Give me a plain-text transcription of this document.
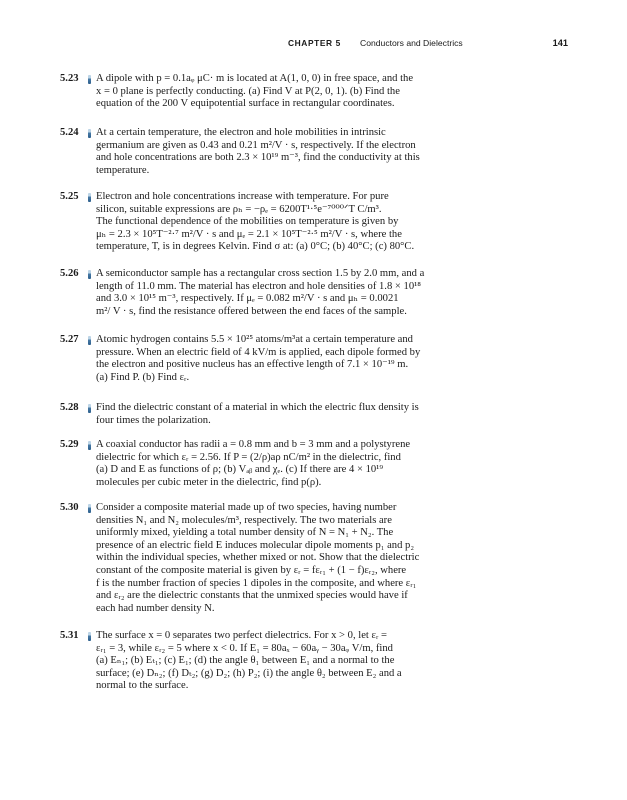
CHAPTER 5 Conductors and Dielectrics	141
5.23 A dipole with p = 0.1aᵩ μC· m is located at A(1, 0, 0) in free space, and the

x = 0 plane is perfectly conducting. (a) Find V at P(2, 0, 1). (b) Find the

equation of the 200 V equipotential surface in rectangular coordinates.

5.24 At a certain temperature, the electron and hole mobilities in intrinsic

germanium are given as 0.43 and 0.21 m²/V · s, respectively. If the electron

and hole concentrations are both 2.3 × 10¹⁹ m⁻³, find the conductivity at this

temperature.

5.25 Electron and hole concentrations increase with temperature. For pure

silicon, suitable expressions are ρₕ = −ρₑ = 6200T¹·⁵e⁻⁷⁰⁰⁰ᐟT C/m³.

The functional dependence of the mobilities on temperature is given by

μₕ = 2.3 × 10⁵T⁻²·⁷ m²/V · s and μₑ = 2.1 × 10⁵T⁻²·⁵ m²/V · s, where the

temperature, T, is in degrees Kelvin. Find σ at: (a) 0°C; (b) 40°C; (c) 80°C.

5.26 A semiconductor sample has a rectangular cross section 1.5 by 2.0 mm, and a

length of 11.0 mm. The material has electron and hole densities of 1.8 × 10¹⁸

and 3.0 × 10¹⁵ m⁻³, respectively. If μₑ = 0.082 m²/V · s and μₕ = 0.0021

m²/ V · s, find the resistance offered between the end faces of the sample.

5.27 Atomic hydrogen contains 5.5 × 10²⁵ atoms/m³at a certain temperature and

pressure. When an electric field of 4 kV/m is applied, each dipole formed by

the electron and positive nucleus has an effective length of 7.1 × 10⁻¹⁹ m.

(a) Find P. (b) Find εᵣ.

5.28 Find the dielectric constant of a material in which the electric flux density is

four times the polarization.

5.29 A coaxial conductor has radii a = 0.8 mm and b = 3 mm and a polystyrene

dielectric for which εᵣ = 2.56. If P = (2/ρ)aρ nC/m² in the dielectric, find

(a) D and E as functions of ρ; (b) Vₐᵦ and χₑ. (c) If there are 4 × 10¹⁹

molecules per cubic meter in the dielectric, find p(ρ).

5.30 Consider a composite material made up of two species, having number

densities N₁ and N₂ molecules/m³, respectively. The two materials are

uniformly mixed, yielding a total number density of N = N₁ + N₂. The

presence of an electric field E induces molecular dipole moments p₁ and p₂

within the individual species, whether mixed or not. Show that the dielectric

constant of the composite material is given by εᵣ = fεᵣ₁ + (1 − f)εᵣ₂, where

f is the number fraction of species 1 dipoles in the composite, and where εᵣ₁

and εᵣ₂ are the dielectric constants that the unmixed species would have if

each had number density N.

5.31 The surface x = 0 separates two perfect dielectrics. For x > 0, let εᵣ =

εᵣ₁ = 3, while εᵣ₂ = 5 where x < 0. If E₁ = 80aₓ − 60aᵧ − 30aᵩ V/m, find

(a) Eₙ₁; (b) Eₜ₁; (c) E₁; (d) the angle θ₁ between E₁ and a normal to the

surface; (e) Dₙ₂; (f) Dₜ₂; (g) D₂; (h) P₂; (i) the angle θ₂ between E₂ and a

normal to the surface.
